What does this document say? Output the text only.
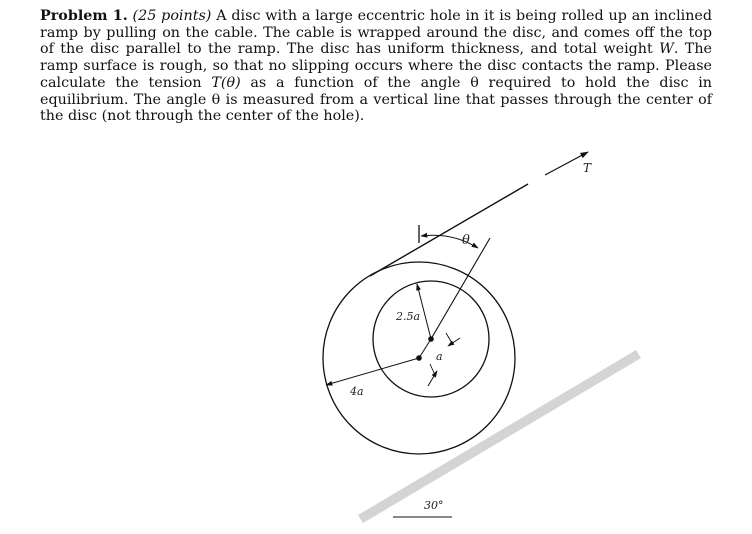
Problem 1. (25 points) A disc with a large eccentric hole in it is being rolled up an inclined ramp by pulling on the cable. The cable is wrapped around the disc, and comes off the top of the disc parallel to the ramp. The disc has uniform thickness, and total weight W. The ramp surface is rough, so that no slipping occurs where the disc contacts the ramp. Please calculate the tension T(θ) as a function of the angle θ required to hold the disc in equilibrium. The angle θ is measured from a vertical line that passes through the center of the disc (not through the center of the hole).

T
θ
2.5a
a
4a
30°
